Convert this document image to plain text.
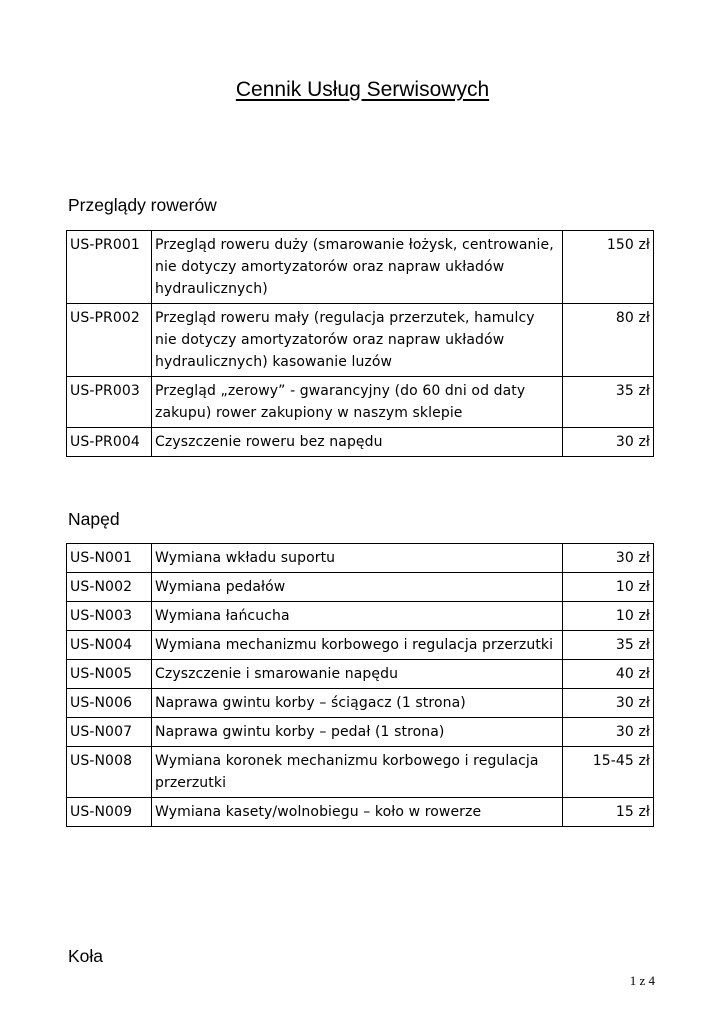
Cennik Usług Serwisowych
Przeglądy rowerów
US-PR001	Przegląd roweru duży (smarowanie łożysk, centrowanie, nie dotyczy amortyzatorów oraz napraw układów hydraulicznych)	150 zł
US-PR002	Przegląd roweru mały (regulacja przerzutek, hamulcy nie dotyczy amortyzatorów oraz napraw układów hydraulicznych) kasowanie luzów	80 zł
US-PR003	Przegląd „zerowy” - gwarancyjny (do 60 dni od daty zakupu) rower zakupiony w naszym sklepie	35 zł
US-PR004	Czyszczenie roweru bez napędu	30 zł
Napęd
US-N001	Wymiana wkładu suportu	30 zł
US-N002	Wymiana pedałów	10 zł
US-N003	Wymiana łańcucha	10 zł
US-N004	Wymiana mechanizmu korbowego i regulacja przerzutki	35 zł
US-N005	Czyszczenie i smarowanie napędu	40 zł
US-N006	Naprawa gwintu korby – ściągacz (1 strona)	30 zł
US-N007	Naprawa gwintu korby – pedał (1 strona)	30 zł
US-N008	Wymiana koronek mechanizmu korbowego i regulacja przerzutki	15-45 zł
US-N009	Wymiana kasety/wolnobiegu – koło w rowerze	15 zł
Koła
1 z 4
